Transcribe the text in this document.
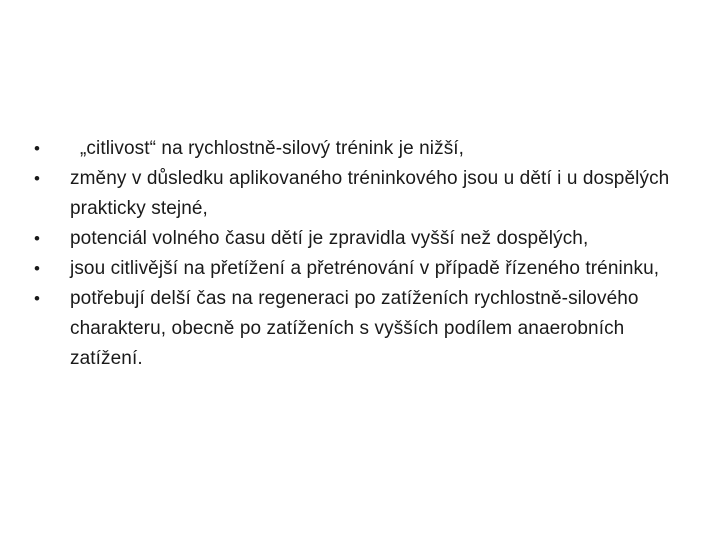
•	„citlivost“ na rychlostně-silový trénink je nižší,
• změny v důsledku aplikovaného tréninkového jsou u dětí i u dospělých prakticky stejné,
• potenciál volného času dětí je zpravidla vyšší než dospělých,
• jsou citlivější na přetížení a přetrénování v případě řízeného tréninku,
• potřebují delší čas na regeneraci po zatíženích rychlostně-silového charakteru, obecně po zatíženích s vyšších podílem anaerobních zatížení.
